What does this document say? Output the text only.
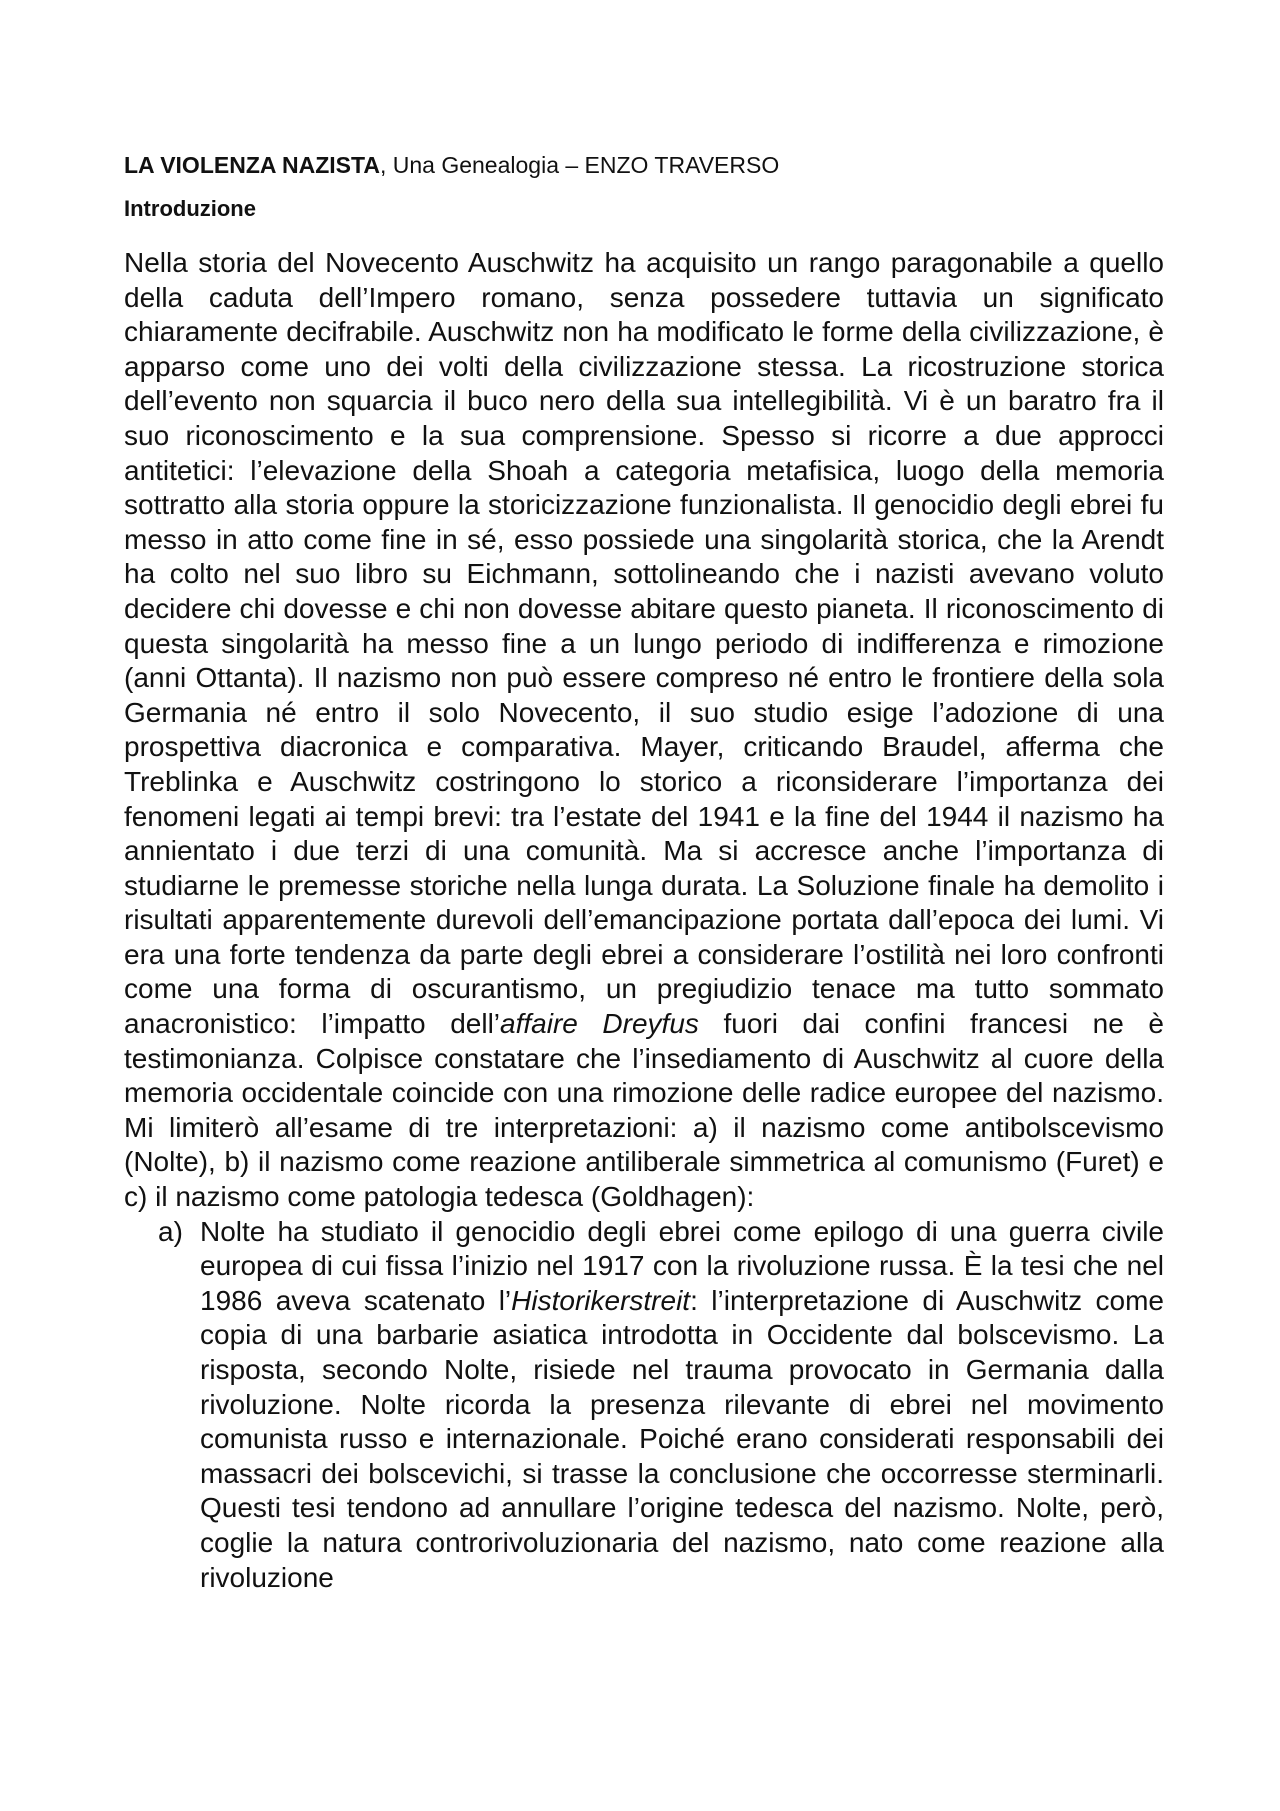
LA VIOLENZA NAZISTA, Una Genealogia – ENZO TRAVERSO
Introduzione

Nella storia del Novecento Auschwitz ha acquisito un rango paragonabile a quello della caduta dell’Impero romano, senza possedere tuttavia un significato chiaramente decifrabile. Auschwitz non ha modificato le forme della civilizzazione, è apparso come uno dei volti della civilizzazione stessa. La ricostruzione storica dell’evento non squarcia il buco nero della sua intellegibilità. Vi è un baratro fra il suo riconoscimento e la sua comprensione. Spesso si ricorre a due approcci antitetici: l’elevazione della Shoah a categoria metafisica, luogo della memoria sottratto alla storia oppure la storicizzazione funzionalista. Il genocidio degli ebrei fu messo in atto come fine in sé, esso possiede una singolarità storica, che la Arendt ha colto nel suo libro su Eichmann, sottolineando che i nazisti avevano voluto decidere chi dovesse e chi non dovesse abitare questo pianeta. Il riconoscimento di questa singolarità ha messo fine a un lungo periodo di indifferenza e rimozione (anni Ottanta). Il nazismo non può essere compreso né entro le frontiere della sola Germania né entro il solo Novecento, il suo studio esige l’adozione di una prospettiva diacronica e comparativa. Mayer, criticando Braudel, afferma che Treblinka e Auschwitz costringono lo storico a riconsiderare l’importanza dei fenomeni legati ai tempi brevi: tra l’estate del 1941 e la fine del 1944 il nazismo ha annientato i due terzi di una comunità. Ma si accresce anche l’importanza di studiarne le premesse storiche nella lunga durata. La Soluzione finale ha demolito i risultati apparentemente durevoli dell’emancipazione portata dall’epoca dei lumi. Vi era una forte tendenza da parte degli ebrei a considerare l’ostilità nei loro confronti come una forma di oscurantismo, un pregiudizio tenace ma tutto sommato anacronistico: l’impatto dell’affaire Dreyfus fuori dai confini francesi ne è testimonianza. Colpisce constatare che l’insediamento di Auschwitz al cuore della memoria occidentale coincide con una rimozione delle radice europee del nazismo. Mi limiterò all’esame di tre interpretazioni: a) il nazismo come antibolscevismo (Nolte), b) il nazismo come reazione antiliberale simmetrica al comunismo (Furet) e c) il nazismo come patologia tedesca (Goldhagen):

a) Nolte ha studiato il genocidio degli ebrei come epilogo di una guerra civile europea di cui fissa l’inizio nel 1917 con la rivoluzione russa. È la tesi che nel 1986 aveva scatenato l’Historikerstreit: l’interpretazione di Auschwitz come copia di una barbarie asiatica introdotta in Occidente dal bolscevismo. La risposta, secondo Nolte, risiede nel trauma provocato in Germania dalla rivoluzione. Nolte ricorda la presenza rilevante di ebrei nel movimento comunista russo e internazionale. Poiché erano considerati responsabili dei massacri dei bolscevichi, si trasse la conclusione che occorresse sterminarli. Questi tesi tendono ad annullare l’origine tedesca del nazismo. Nolte, però, coglie la natura controrivoluzionaria del nazismo, nato come reazione alla rivoluzione
